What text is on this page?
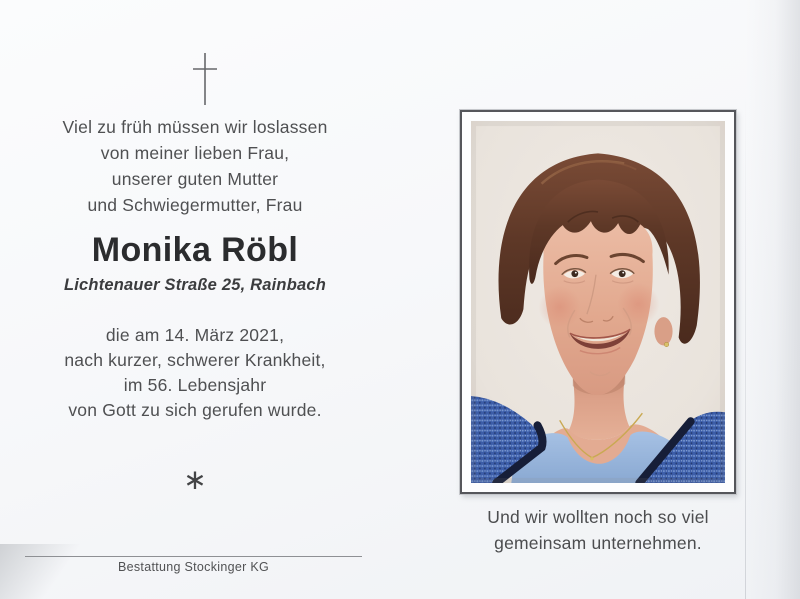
Viel zu früh müssen wir loslassen
von meiner lieben Frau,
unserer guten Mutter
und Schwiegermutter, Frau
Monika Röbl
Lichtenauer Straße 25, Rainbach
die am 14. März 2021,
nach kurzer, schwerer Krankheit,
im 56. Lebensjahr
von Gott zu sich gerufen wurde.
∗
Bestattung Stockinger KG
Und wir wollten noch so viel
gemeinsam unternehmen.
